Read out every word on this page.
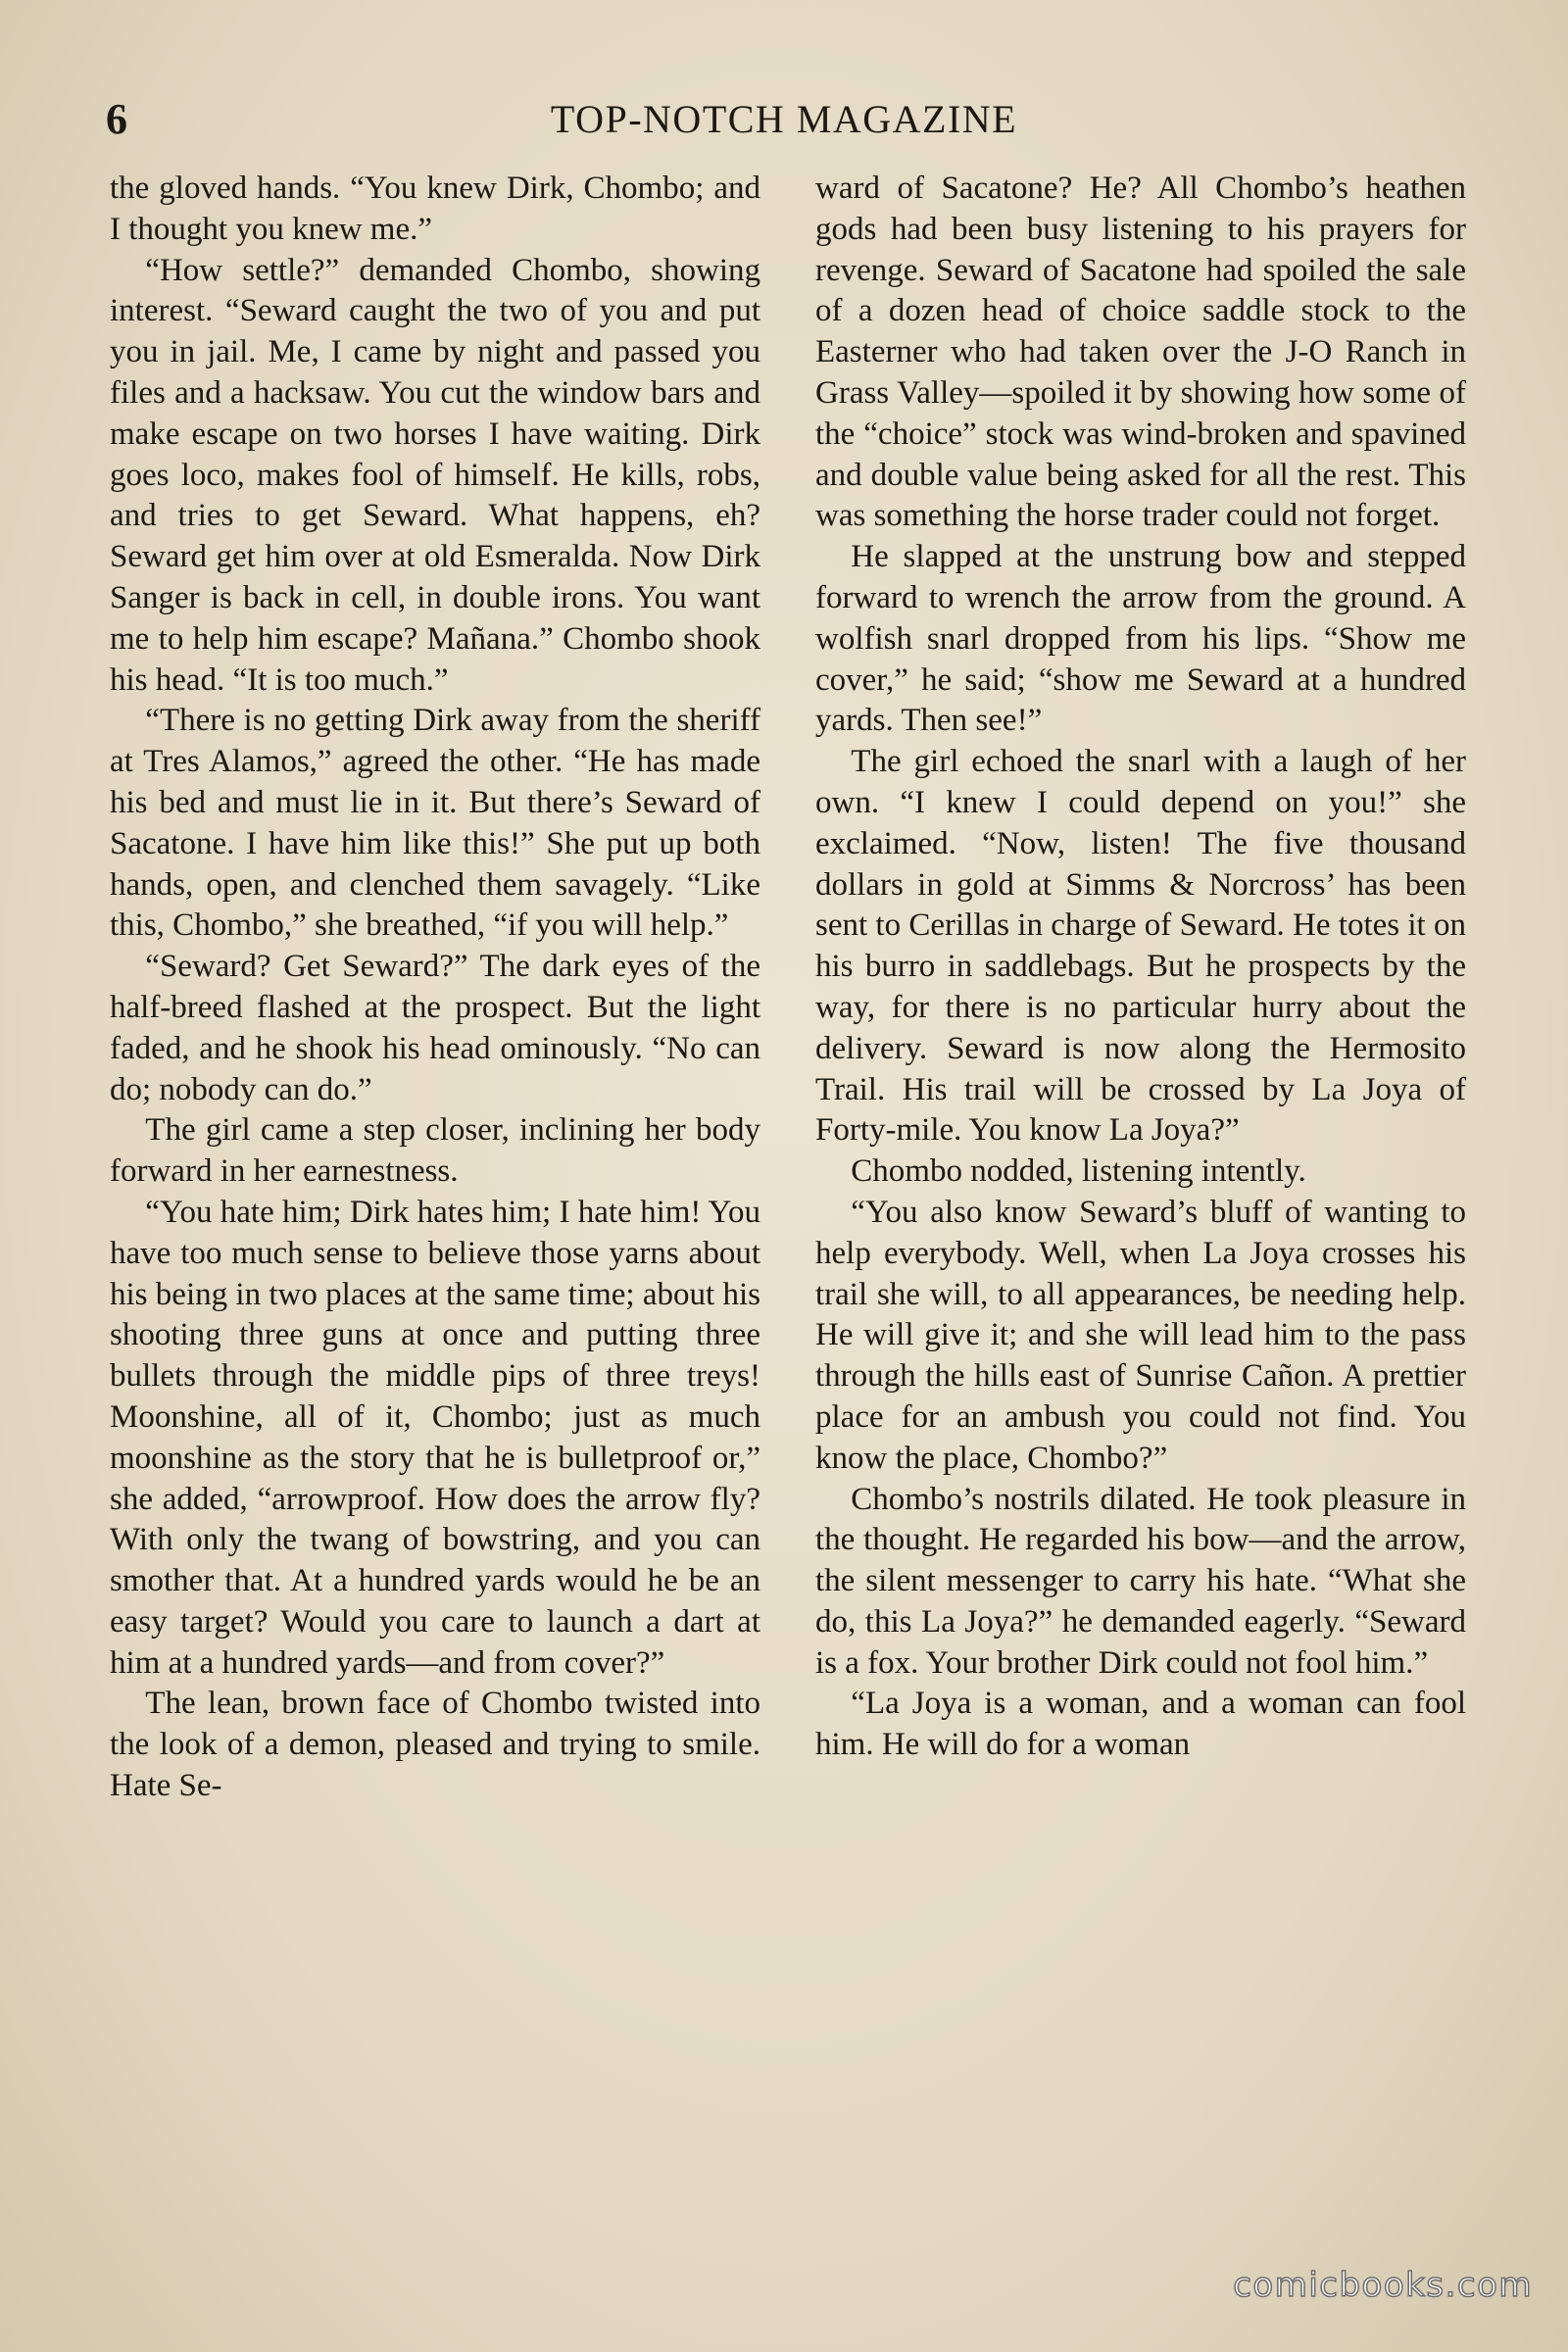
6	TOP-NOTCH MAGAZINE

the gloved hands. “You knew Dirk, Chombo; and I thought you knew me.”

“How settle?” demanded Chombo, showing interest. “Seward caught the two of you and put you in jail. Me, I came by night and passed you files and a hacksaw. You cut the window bars and make escape on two horses I have waiting. Dirk goes loco, makes fool of himself. He kills, robs, and tries to get Seward. What happens, eh? Seward get him over at old Esmeralda. Now Dirk Sanger is back in cell, in double irons. You want me to help him escape? Mañana.” Chombo shook his head. “It is too much.”

“There is no getting Dirk away from the sheriff at Tres Alamos,” agreed the other. “He has made his bed and must lie in it. But there’s Seward of Sacatone. I have him like this!” She put up both hands, open, and clenched them savagely. “Like this, Chombo,” she breathed, “if you will help.”

“Seward? Get Seward?” The dark eyes of the half-breed flashed at the prospect. But the light faded, and he shook his head ominously. “No can do; nobody can do.”

The girl came a step closer, inclining her body forward in her earnestness.

“You hate him; Dirk hates him; I hate him! You have too much sense to believe those yarns about his being in two places at the same time; about his shooting three guns at once and putting three bullets through the middle pips of three treys! Moonshine, all of it, Chombo; just as much moonshine as the story that he is bulletproof or,” she added, “arrowproof. How does the arrow fly? With only the twang of bowstring, and you can smother that. At a hundred yards would he be an easy target? Would you care to launch a dart at him at a hundred yards—and from cover?”

The lean, brown face of Chombo twisted into the look of a demon, pleased and trying to smile. Hate Se-

ward of Sacatone? He? All Chombo’s heathen gods had been busy listening to his prayers for revenge. Seward of Sacatone had spoiled the sale of a dozen head of choice saddle stock to the Easterner who had taken over the J-O Ranch in Grass Valley—spoiled it by showing how some of the “choice” stock was wind-broken and spavined and double value being asked for all the rest. This was something the horse trader could not forget.

He slapped at the unstrung bow and stepped forward to wrench the arrow from the ground. A wolfish snarl dropped from his lips. “Show me cover,” he said; “show me Seward at a hundred yards. Then see!”

The girl echoed the snarl with a laugh of her own. “I knew I could depend on you!” she exclaimed. “Now, listen! The five thousand dollars in gold at Simms & Norcross’ has been sent to Cerillas in charge of Seward. He totes it on his burro in saddlebags. But he prospects by the way, for there is no particular hurry about the delivery. Seward is now along the Hermosito Trail. His trail will be crossed by La Joya of Forty-mile. You know La Joya?”

Chombo nodded, listening intently.

“You also know Seward’s bluff of wanting to help everybody. Well, when La Joya crosses his trail she will, to all appearances, be needing help. He will give it; and she will lead him to the pass through the hills east of Sunrise Cañon. A prettier place for an ambush you could not find. You know the place, Chombo?”

Chombo’s nostrils dilated. He took pleasure in the thought. He regarded his bow—and the arrow, the silent messenger to carry his hate. “What she do, this La Joya?” he demanded eagerly. “Seward is a fox. Your brother Dirk could not fool him.”

“La Joya is a woman, and a woman can fool him. He will do for a woman

comicbooks.com
